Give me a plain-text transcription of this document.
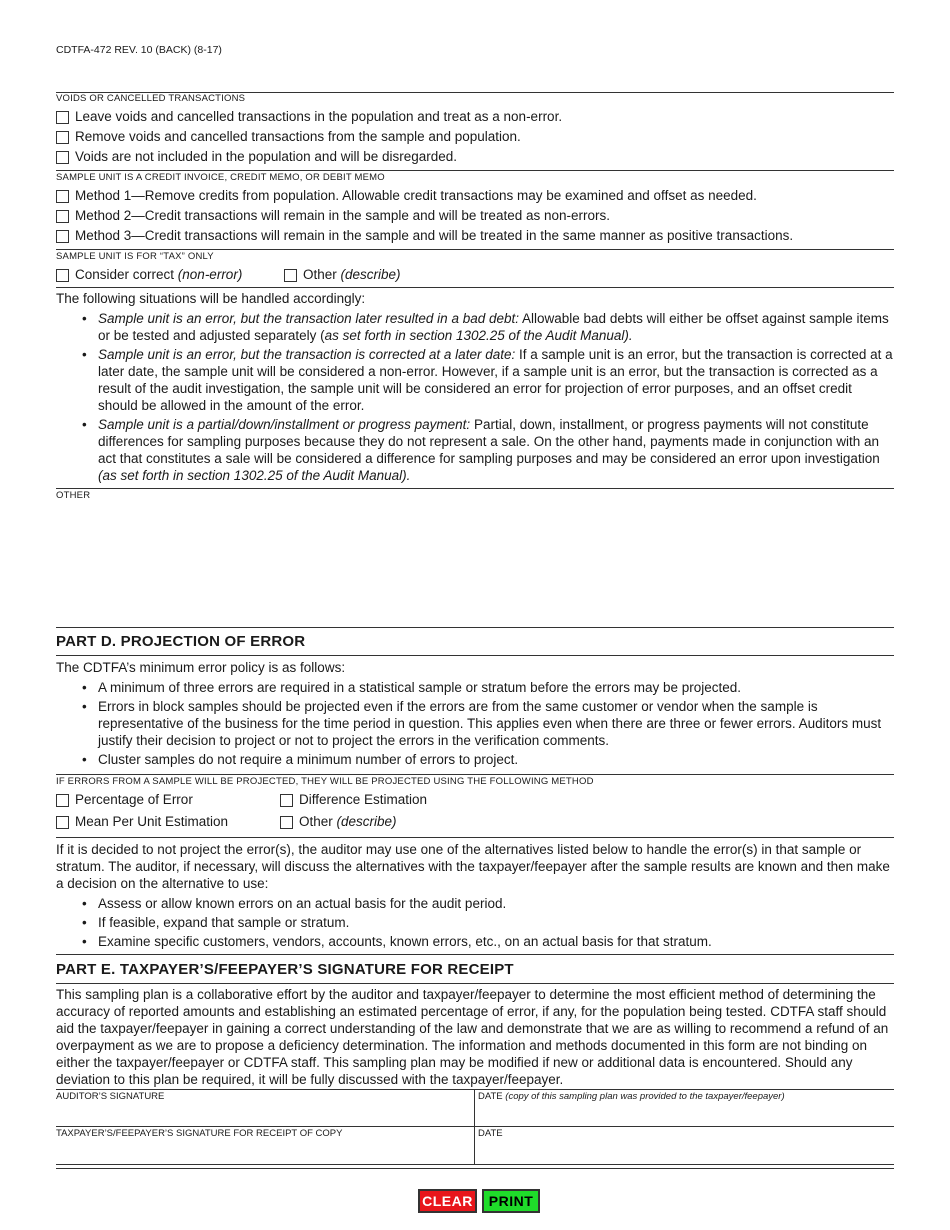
CDTFA-472 REV. 10 (BACK) (8-17)
VOIDS OR CANCELLED TRANSACTIONS
Leave voids and cancelled transactions in the population and treat as a non-error.
Remove voids and cancelled transactions from the sample and population.
Voids are not included in the population and will be disregarded.
SAMPLE UNIT IS A CREDIT INVOICE, CREDIT MEMO, OR DEBIT MEMO
Method 1—Remove credits from population. Allowable credit transactions may be examined and offset as needed.
Method 2—Credit transactions will remain in the sample and will be treated as non-errors.
Method 3—Credit transactions will remain in the sample and will be treated in the same manner as positive transactions.
SAMPLE UNIT IS FOR “TAX” ONLY
Consider correct (non-error)	Other (describe)
The following situations will be handled accordingly:
• Sample unit is an error, but the transaction later resulted in a bad debt: Allowable bad debts will either be offset against sample items or be tested and adjusted separately (as set forth in section 1302.25 of the Audit Manual).
• Sample unit is an error, but the transaction is corrected at a later date: If a sample unit is an error, but the transaction is corrected at a later date, the sample unit will be considered a non-error. However, if a sample unit is an error, but the transaction is corrected as a result of the audit investigation, the sample unit will be considered an error for projection of error purposes, and an offset credit should be allowed in the amount of the error.
• Sample unit is a partial/down/installment or progress payment: Partial, down, installment, or progress payments will not constitute differences for sampling purposes because they do not represent a sale. On the other hand, payments made in conjunction with an act that constitutes a sale will be considered a difference for sampling purposes and may be considered an error upon investigation (as set forth in section 1302.25 of the Audit Manual).
OTHER
PART D. PROJECTION OF ERROR
The CDTFA’s minimum error policy is as follows:
• A minimum of three errors are required in a statistical sample or stratum before the errors may be projected.
• Errors in block samples should be projected even if the errors are from the same customer or vendor when the sample is representative of the business for the time period in question. This applies even when there are three or fewer errors. Auditors must justify their decision to project or not to project the errors in the verification comments.
• Cluster samples do not require a minimum number of errors to project.
IF ERRORS FROM A SAMPLE WILL BE PROJECTED, THEY WILL BE PROJECTED USING THE FOLLOWING METHOD
Percentage of Error	Difference Estimation
Mean Per Unit Estimation	Other (describe)
If it is decided to not project the error(s), the auditor may use one of the alternatives listed below to handle the error(s) in that sample or stratum. The auditor, if necessary, will discuss the alternatives with the taxpayer/feepayer after the sample results are known and then make a decision on the alternative to use:
• Assess or allow known errors on an actual basis for the audit period.
• If feasible, expand that sample or stratum.
• Examine specific customers, vendors, accounts, known errors, etc., on an actual basis for that stratum.
PART E. TAXPAYER’S/FEEPAYER’S SIGNATURE FOR RECEIPT
This sampling plan is a collaborative effort by the auditor and taxpayer/feepayer to determine the most efficient method of determining the accuracy of reported amounts and establishing an estimated percentage of error, if any, for the population being tested. CDTFA staff should aid the taxpayer/feepayer in gaining a correct understanding of the law and demonstrate that we are as willing to recommend a refund of an overpayment as we are to propose a deficiency determination. The information and methods documented in this form are not binding on either the taxpayer/feepayer or CDTFA staff. This sampling plan may be modified if new or additional data is encountered. Should any deviation to this plan be required, it will be fully discussed with the taxpayer/feepayer.
AUDITOR’S SIGNATURE	DATE (copy of this sampling plan was provided to the taxpayer/feepayer)
TAXPAYER’S/FEEPAYER’S SIGNATURE FOR RECEIPT OF COPY	DATE
CLEAR	PRINT
